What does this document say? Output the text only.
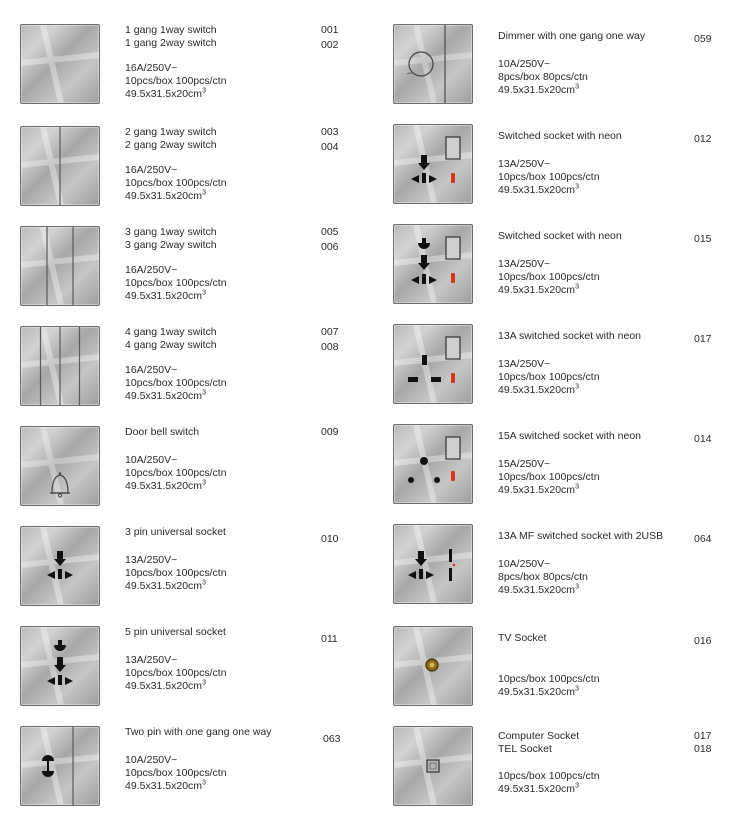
1 gang 1way switch
1 gang 2way switch
16A/250V~
10pcs/box 100pcs/ctn
$49.5x31.5x20cm^3$
001
002
2 gang 1way switch
2 gang 2way switch
16A/250V~
10pcs/box 100pcs/ctn
$49.5x31.5x20cm^3$
003
004
3 gang 1way switch
3 gang 2way switch
16A/250V~
10pcs/box 100pcs/ctn
$49.5x31.5x20cm^3$
005
006
4 gang 1way switch
4 gang 2way switch
16A/250V~
10pcs/box 100pcs/ctn
$49.5x31.5x20cm^3$
007
008
Door bell switch
10A/250V~
10pcs/box 100pcs/ctn
$49.5x31.5x20cm^3$
009
3 pin universal socket
13A/250V~
10pcs/box 100pcs/ctn
$49.5x31.5x20cm^3$
010
5 pin universal socket
13A/250V~
10pcs/box 100pcs/ctn
$49.5x31.5x20cm^3$
011
Two pin with one gang one way
10A/250V~
10pcs/box 100pcs/ctn
$49.5x31.5x20cm^3$
063
Dimmer with one gang one way
10A/250V~
8pcs/box 80pcs/ctn
$49.5x31.5x20cm^3$
059
Switched socket with neon
13A/250V~
10pcs/box 100pcs/ctn
$49.5x31.5x20cm^3$
012
Switched socket with neon
13A/250V~
10pcs/box 100pcs/ctn
$49.5x31.5x20cm^3$
015
13A switched socket with neon
13A/250V~
10pcs/box 100pcs/ctn
$49.5x31.5x20cm^3$
017
15A switched socket with neon
15A/250V~
10pcs/box 100pcs/ctn
$49.5x31.5x20cm^3$
014
13A MF switched socket with 2USB
10A/250V~
8pcs/box 80pcs/ctn
$49.5x31.5x20cm^3$
064
TV Socket
10pcs/box 100pcs/ctn
$49.5x31.5x20cm^3$
016
Computer Socket
TEL Socket
10pcs/box 100pcs/ctn
$49.5x31.5x20cm^3$
017
018
